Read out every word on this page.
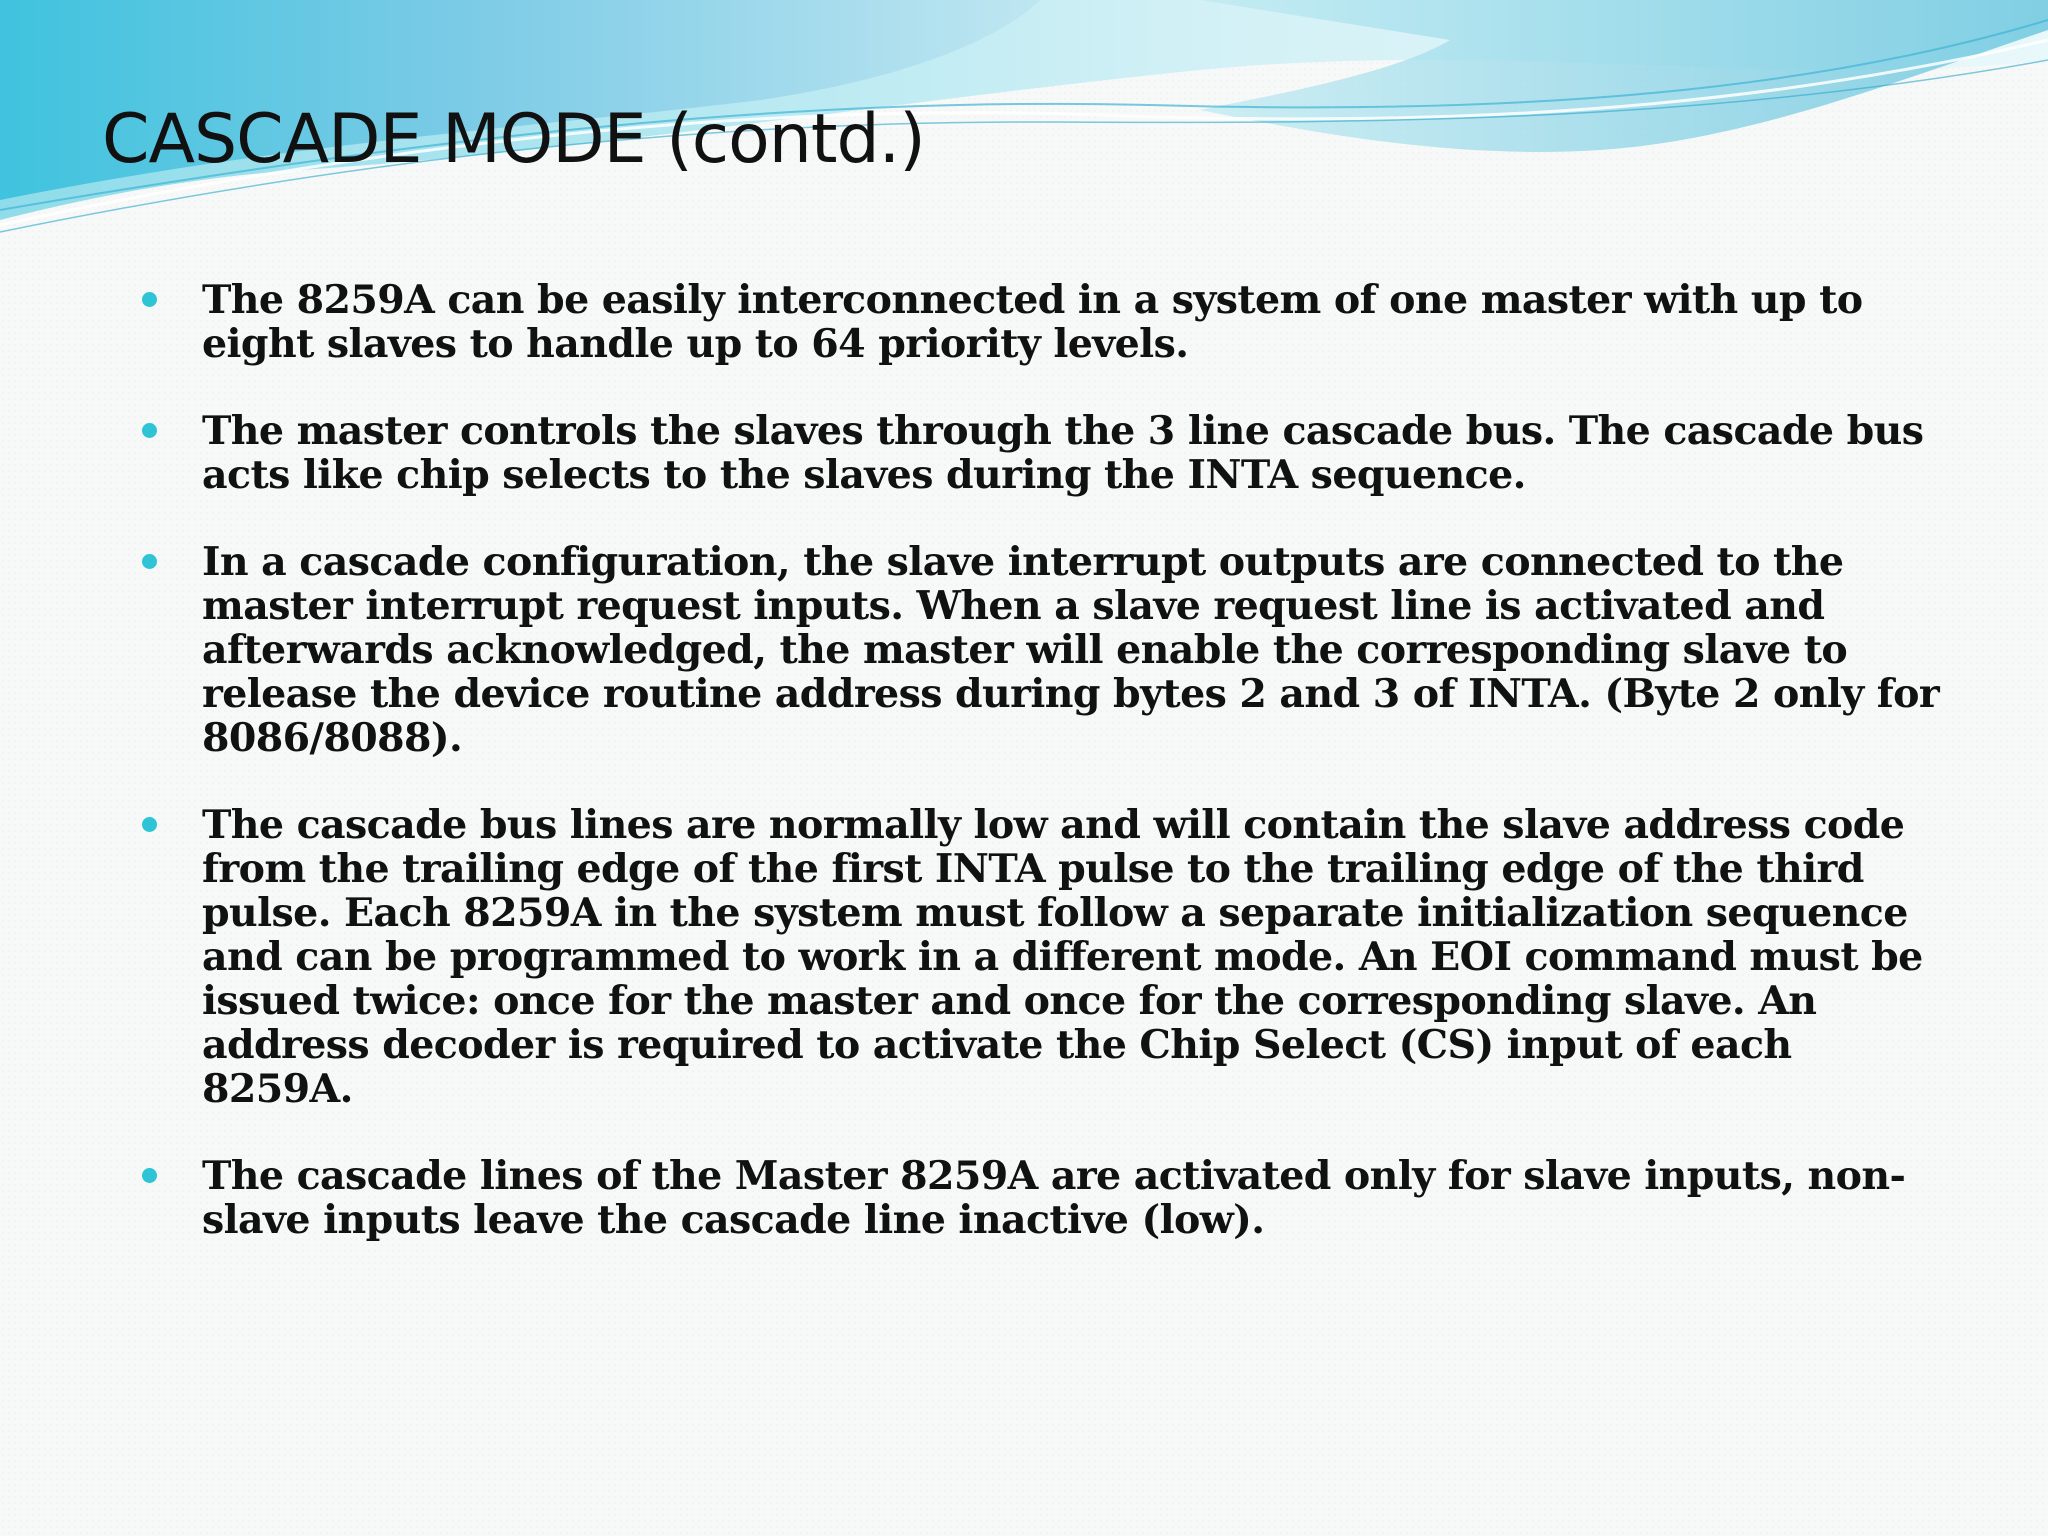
CASCADE MODE (contd.)
The 8259A can be easily interconnected in a system of one master with up to eight slaves to handle up to 64 priority levels.
The master controls the slaves through the 3 line cascade bus. The cascade bus acts like chip selects to the slaves during the INTA sequence.
In a cascade configuration, the slave interrupt outputs are connected to the master interrupt request inputs. When a slave request line is activated and afterwards acknowledged, the master will enable the corresponding slave to release the device routine address during bytes 2 and 3 of INTA. (Byte 2 only for 8086/8088).
The cascade bus lines are normally low and will contain the slave address code from the trailing edge of the first INTA pulse to the trailing edge of the third pulse. Each 8259A in the system must follow a separate initialization sequence and can be programmed to work in a different mode. An EOI command must be issued twice: once for the master and once for the corresponding slave. An address decoder is required to activate the Chip Select (CS) input of each 8259A.
The cascade lines of the Master 8259A are activated only for slave inputs, non-slave inputs leave the cascade line inactive (low).
